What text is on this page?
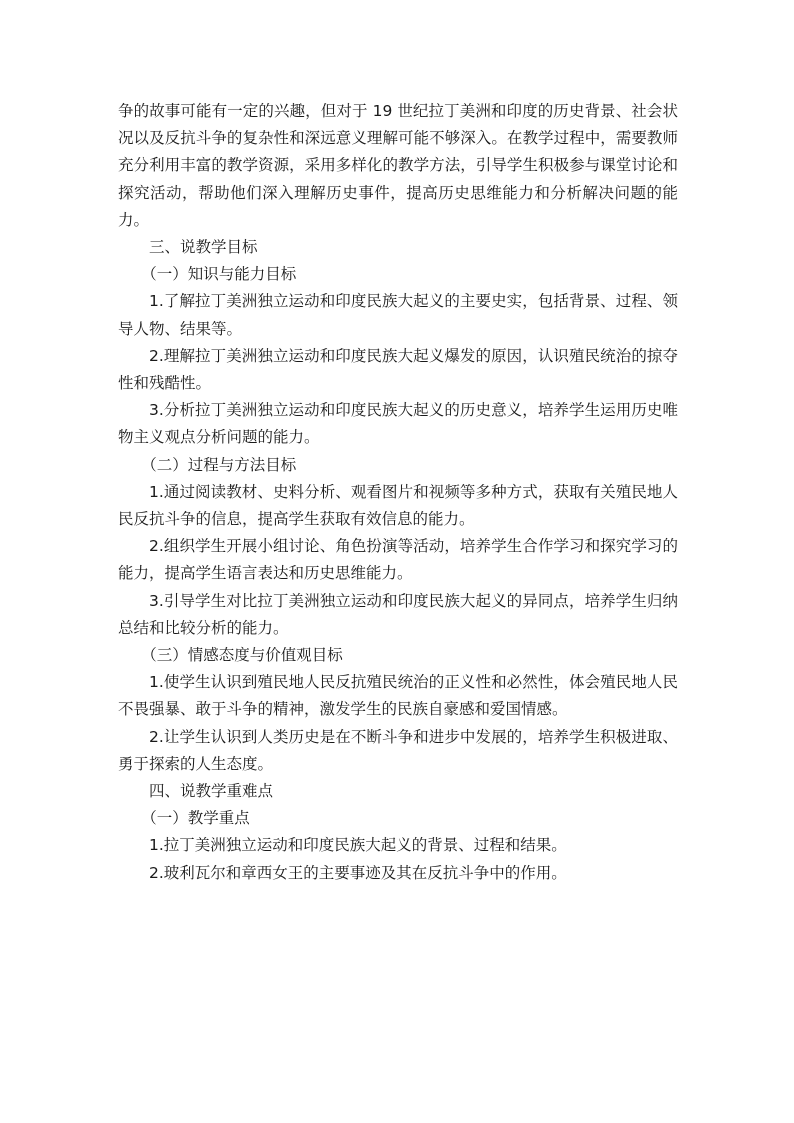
争的故事可能有一定的兴趣，但对于 19 世纪拉丁美洲和印度的历史背景、社会状况以及反抗斗争的复杂性和深远意义理解可能不够深入。在教学过程中，需要教师充分利用丰富的教学资源，采用多样化的教学方法，引导学生积极参与课堂讨论和探究活动，帮助他们深入理解历史事件，提高历史思维能力和分析解决问题的能力。

三、说教学目标

（一）知识与能力目标

1.了解拉丁美洲独立运动和印度民族大起义的主要史实，包括背景、过程、领导人物、结果等。

2.理解拉丁美洲独立运动和印度民族大起义爆发的原因，认识殖民统治的掠夺性和残酷性。

3.分析拉丁美洲独立运动和印度民族大起义的历史意义，培养学生运用历史唯物主义观点分析问题的能力。

（二）过程与方法目标

1.通过阅读教材、史料分析、观看图片和视频等多种方式，获取有关殖民地人民反抗斗争的信息，提高学生获取有效信息的能力。

2.组织学生开展小组讨论、角色扮演等活动，培养学生合作学习和探究学习的能力，提高学生语言表达和历史思维能力。

3.引导学生对比拉丁美洲独立运动和印度民族大起义的异同点，培养学生归纳总结和比较分析的能力。

（三）情感态度与价值观目标

1.使学生认识到殖民地人民反抗殖民统治的正义性和必然性，体会殖民地人民不畏强暴、敢于斗争的精神，激发学生的民族自豪感和爱国情感。

2.让学生认识到人类历史是在不断斗争和进步中发展的，培养学生积极进取、勇于探索的人生态度。

四、说教学重难点

（一）教学重点

1.拉丁美洲独立运动和印度民族大起义的背景、过程和结果。

2.玻利瓦尔和章西女王的主要事迹及其在反抗斗争中的作用。
